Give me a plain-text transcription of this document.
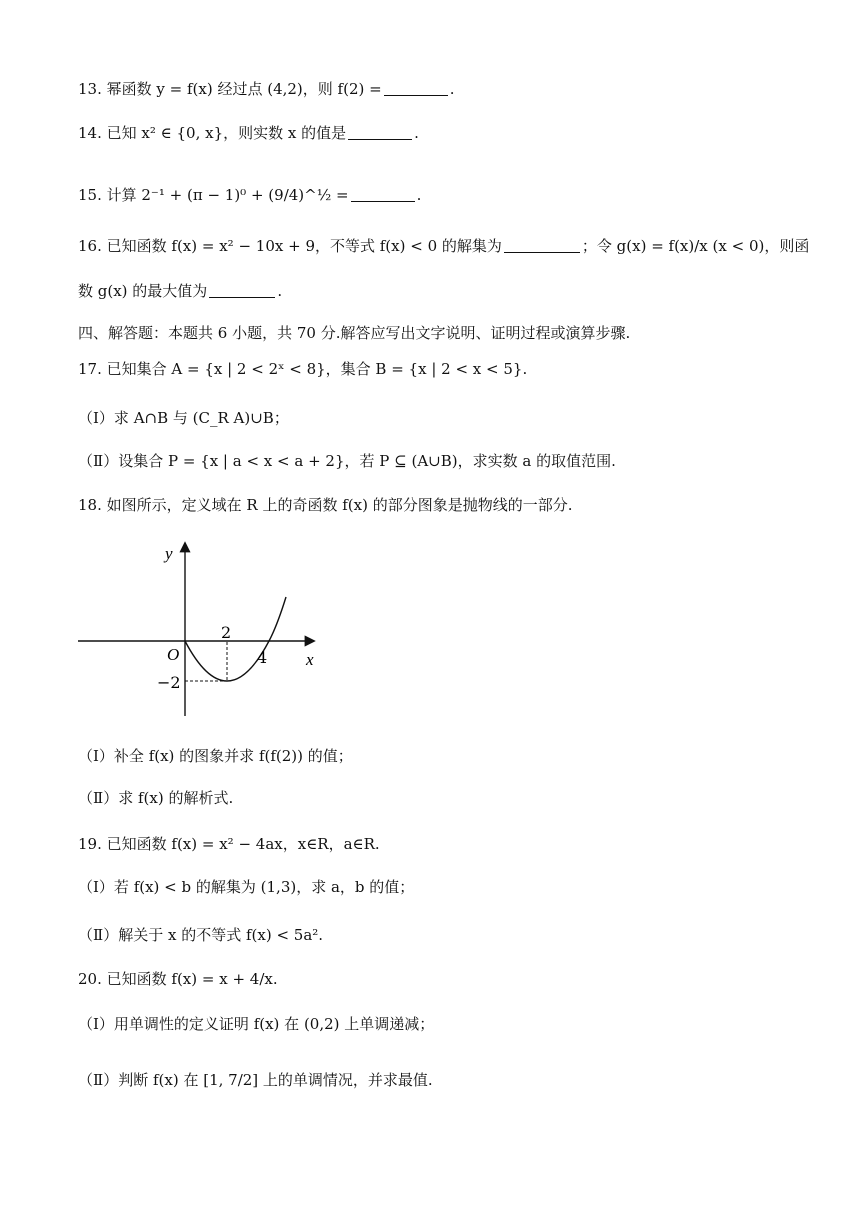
13. 幂函数 y = f(x) 经过点 (4,2)，则 f(2) =	.
14. 已知 x² ∈ {0, x}，则实数 x 的值是	.
15. 计算 2⁻¹ + (π − 1)⁰ + (9/4)^½ =	.
16. 已知函数 f(x) = x² − 10x + 9，不等式 f(x) < 0 的解集为	；令 g(x) = f(x)/x (x < 0)，则函
数 g(x) 的最大值为	.
四、解答题：本题共 6 小题，共 70 分.解答应写出文字说明、证明过程或演算步骤.
17. 已知集合 A = {x | 2 < 2ˣ < 8}，集合 B = {x | 2 < x < 5}.
（Ⅰ）求 A∩B 与 (C_R A)∪B；
（Ⅱ）设集合 P = {x | a < x < a + 2}，若 P ⊆ (A∪B)，求实数 a 的取值范围.
18. 如图所示，定义域在 R 上的奇函数 f(x) 的部分图象是抛物线的一部分.
y
x
O
2
4
−2
（Ⅰ）补全 f(x) 的图象并求 f(f(2)) 的值；
（Ⅱ）求 f(x) 的解析式.
19. 已知函数 f(x) = x² − 4ax，x∈R，a∈R.
（Ⅰ）若 f(x) < b 的解集为 (1,3)，求 a，b 的值；
（Ⅱ）解关于 x 的不等式 f(x) < 5a².
20. 已知函数 f(x) = x + 4/x.
（Ⅰ）用单调性的定义证明 f(x) 在 (0,2) 上单调递减；
（Ⅱ）判断 f(x) 在 [1, 7/2] 上的单调情况，并求最值.
